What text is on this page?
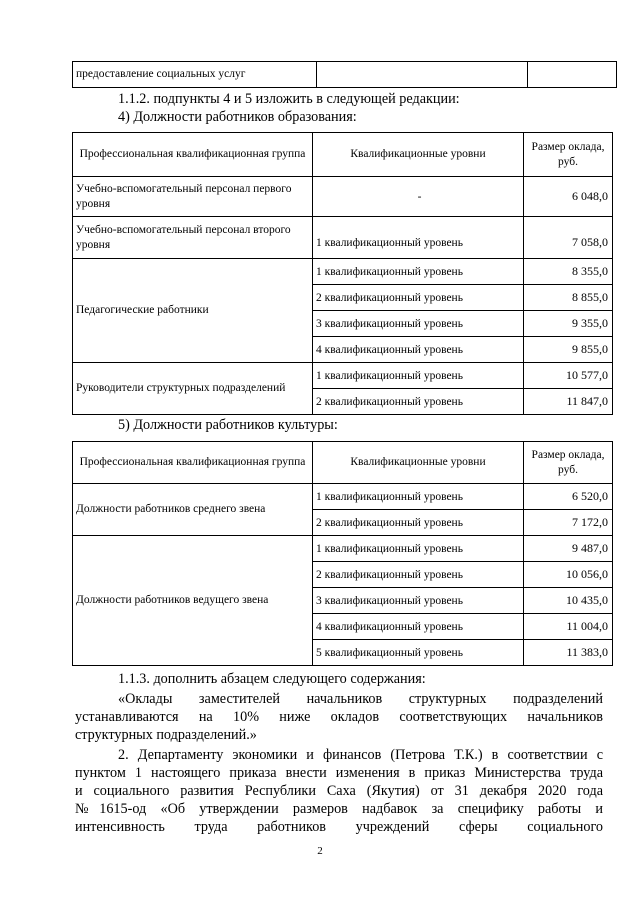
предоставление социальных услуг		
1.1.2. подпункты 4 и 5 изложить в следующей редакции:
4) Должности работников образования:
Профессиональная квалификационная группа	Квалификационные уровни	Размер оклада, руб.
Учебно-вспомогательный персонал первого уровня	-	6 048,0
Учебно-вспомогательный персонал второго уровня	1 квалификационный уровень	7 058,0
Педагогические работники	1 квалификационный уровень	8 355,0
	2 квалификационный уровень	8 855,0
	3 квалификационный уровень	9 355,0
	4 квалификационный уровень	9 855,0
Руководители структурных подразделений	1 квалификационный уровень	10 577,0
	2 квалификационный уровень	11 847,0
5) Должности работников культуры:
Профессиональная квалификационная группа	Квалификационные уровни	Размер оклада, руб.
Должности работников среднего звена	1 квалификационный уровень	6 520,0
	2 квалификационный уровень	7 172,0
Должности работников ведущего звена	1 квалификационный уровень	9 487,0
	2 квалификационный уровень	10 056,0
	3 квалификационный уровень	10 435,0
	4 квалификационный уровень	11 004,0
	5 квалификационный уровень	11 383,0
1.1.3. дополнить абзацем следующего содержания:
«Оклады заместителей начальников структурных подразделений
устанавливаются на 10% ниже окладов соответствующих начальников
структурных подразделений.»
2. Департаменту экономики и финансов (Петрова Т.К.) в соответствии с
пунктом 1 настоящего приказа внести изменения в приказ Министерства труда
и социального развития Республики Саха (Якутия) от 31 декабря 2020 года
№1615-од «Об утверждении размеров надбавок за специфику работы и
интенсивность труда работников учреждений сферы социального
2
